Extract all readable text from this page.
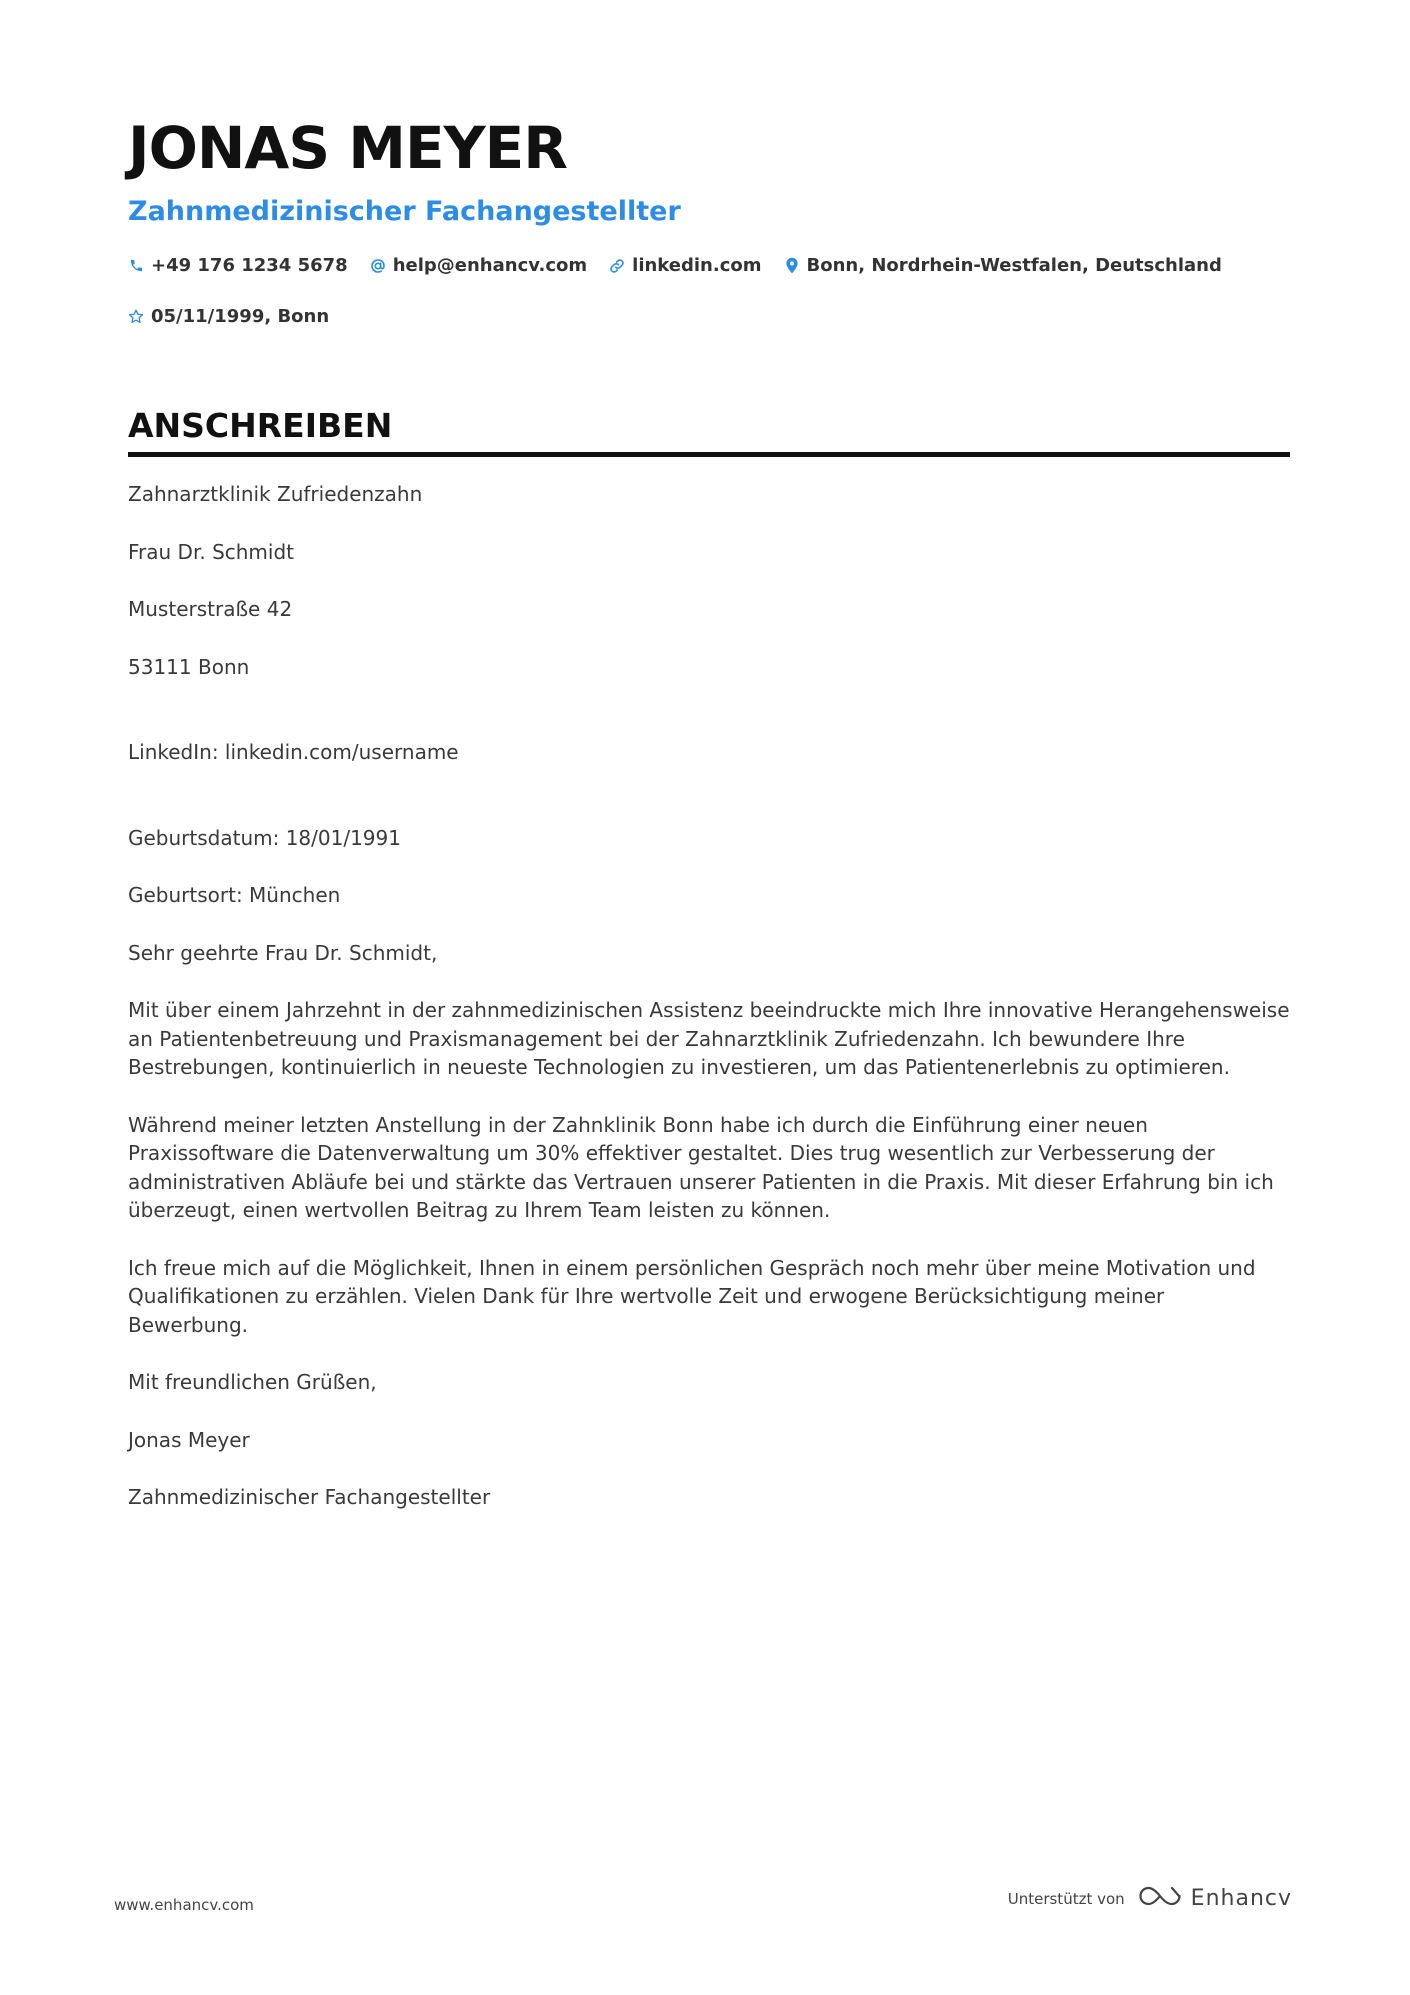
JONAS MEYER
Zahnmedizinischer Fachangestellter
+49 176 1234 5678	help@enhancv.com	linkedin.com	Bonn, Nordrhein-Westfalen, Deutschland
05/11/1999, Bonn
ANSCHREIBEN

Zahnarztklinik Zufriedenzahn

Frau Dr. Schmidt

Musterstraße 42

53111 Bonn

LinkedIn: linkedin.com/username

Geburtsdatum: 18/01/1991

Geburtsort: München

Sehr geehrte Frau Dr. Schmidt,

Mit über einem Jahrzehnt in der zahnmedizinischen Assistenz beeindruckte mich Ihre innovative Herangehensweise an Patientenbetreuung und Praxismanagement bei der Zahnarztklinik Zufriedenzahn. Ich bewundere Ihre Bestrebungen, kontinuierlich in neueste Technologien zu investieren, um das Patientenerlebnis zu optimieren.

Während meiner letzten Anstellung in der Zahnklinik Bonn habe ich durch die Einführung einer neuen Praxissoftware die Datenverwaltung um 30% effektiver gestaltet. Dies trug wesentlich zur Verbesserung der administrativen Abläufe bei und stärkte das Vertrauen unserer Patienten in die Praxis. Mit dieser Erfahrung bin ich überzeugt, einen wertvollen Beitrag zu Ihrem Team leisten zu können.

Ich freue mich auf die Möglichkeit, Ihnen in einem persönlichen Gespräch noch mehr über meine Motivation und Qualifikationen zu erzählen. Vielen Dank für Ihre wertvolle Zeit und erwogene Berücksichtigung meiner Bewerbung.

Mit freundlichen Grüßen,

Jonas Meyer

Zahnmedizinischer Fachangestellter

www.enhancv.com	Unterstützt von	Enhancv
